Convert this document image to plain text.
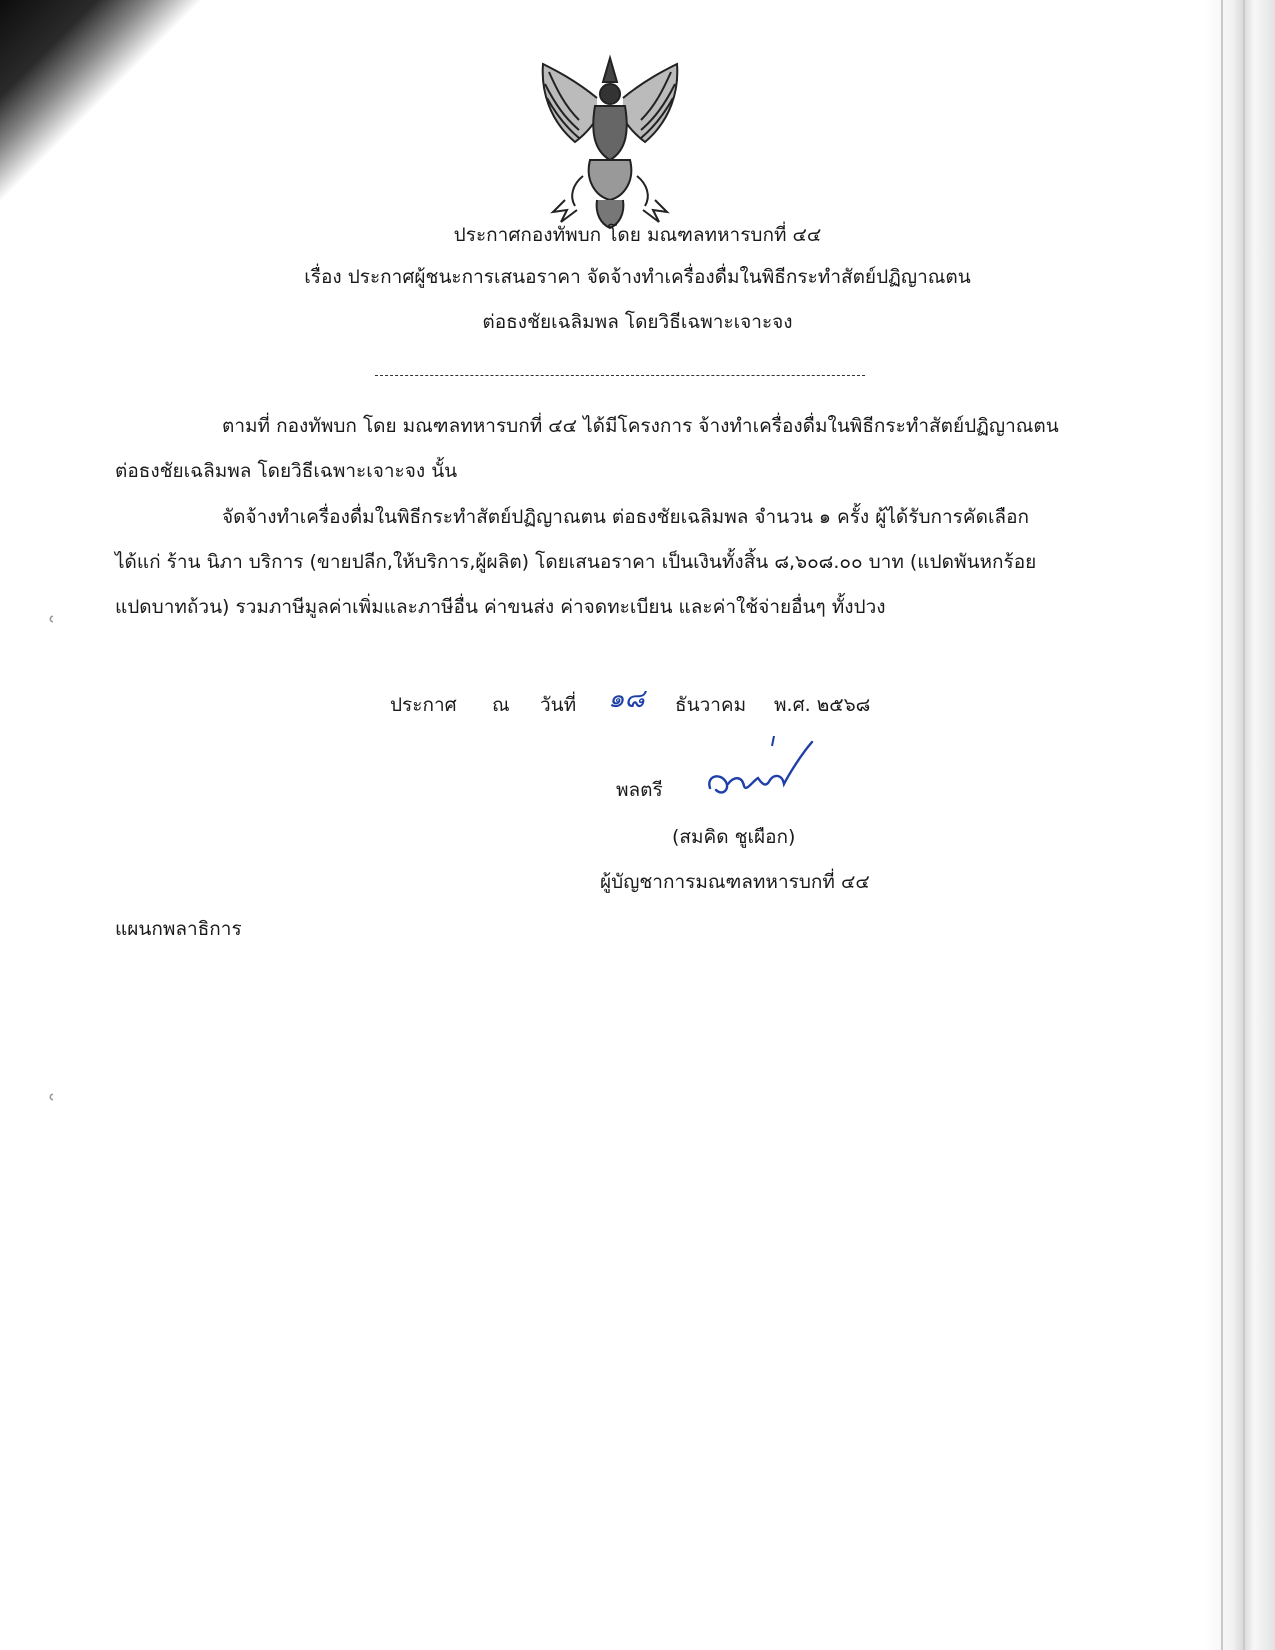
ʿ
ʿ
ประกาศกองทัพบก โดย มณฑลทหารบกที่ ๔๔
เรื่อง ประกาศผู้ชนะการเสนอราคา จัดจ้างทำเครื่องดื่มในพิธีกระทำสัตย์ปฏิญาณตน
ต่อธงชัยเฉลิมพล โดยวิธีเฉพาะเจาะจง
ตามที่ กองทัพบก โดย มณฑลทหารบกที่ ๔๔ ได้มีโครงการ จ้างทำเครื่องดื่มในพิธีกระทำสัตย์ปฏิญาณตน
ต่อธงชัยเฉลิมพล โดยวิธีเฉพาะเจาะจง นั้น
จัดจ้างทำเครื่องดื่มในพิธีกระทำสัตย์ปฏิญาณตน ต่อธงชัยเฉลิมพล จำนวน ๑ ครั้ง ผู้ได้รับการคัดเลือก
ได้แก่ ร้าน นิภา บริการ (ขายปลีก,ให้บริการ,ผู้ผลิต) โดยเสนอราคา เป็นเงินทั้งสิ้น ๘,๖๐๘.๐๐ บาท (แปดพันหกร้อย
แปดบาทถ้วน) รวมภาษีมูลค่าเพิ่มและภาษีอื่น ค่าขนส่ง ค่าจดทะเบียน และค่าใช้จ่ายอื่นๆ ทั้งปวง
ประกาศ ณ วันที่ ๑๘ ธันวาคม พ.ศ. ๒๕๖๘
พลตรี
(สมคิด ชูเผือก)
ผู้บัญชาการมณฑลทหารบกที่ ๔๔
แผนกพลาธิการ
